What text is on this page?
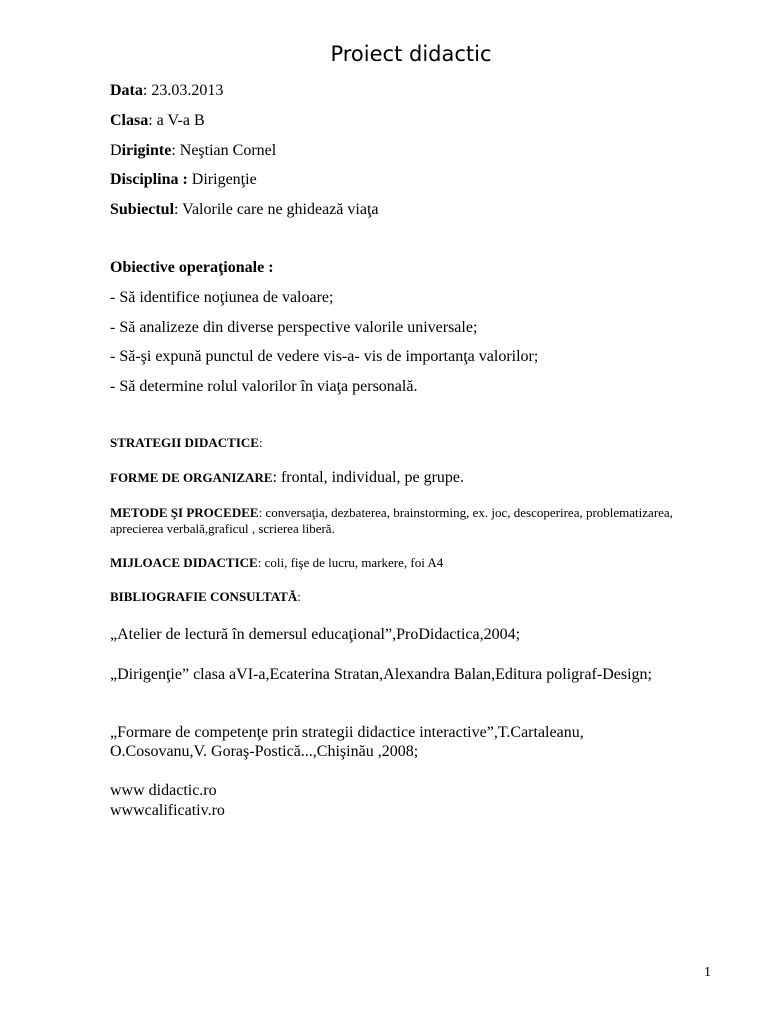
Proiect didactic
Data: 23.03.2013
Clasa: a V-a B
Diriginte: Neştian Cornel
Disciplina : Dirigenţie
Subiectul: Valorile care ne ghidează viaţa
Obiective operaţionale :
- Să identifice noţiunea de valoare;
- Să analizeze din diverse perspective valorile universale;
- Să-şi expună punctul de vedere vis-a- vis de importanţa valorilor;
- Să determine rolul valorilor în viaţa personală.
STRATEGII DIDACTICE:
FORME DE ORGANIZARE: frontal, individual, pe grupe.
METODE ŞI PROCEDEE: conversaţia, dezbaterea, brainstorming, ex. joc, descoperirea, problematizarea, aprecierea verbală,graficul , scrierea liberă.
MIJLOACE DIDACTICE: coli, fişe de lucru, markere, foi A4
BIBLIOGRAFIE CONSULTATĂ:
„Atelier de lectură în demersul educaţional”,ProDidactica,2004;
„Dirigenţie” clasa aVI-a,Ecaterina Stratan,Alexandra Balan,Editura poligraf-Design;
„Formare de competenţe prin strategii didactice interactive”,T.Cartaleanu, O.Cosovanu,V. Goraş-Postică...,Chişinău ,2008;
www didactic.ro
wwwcalificativ.ro
1
